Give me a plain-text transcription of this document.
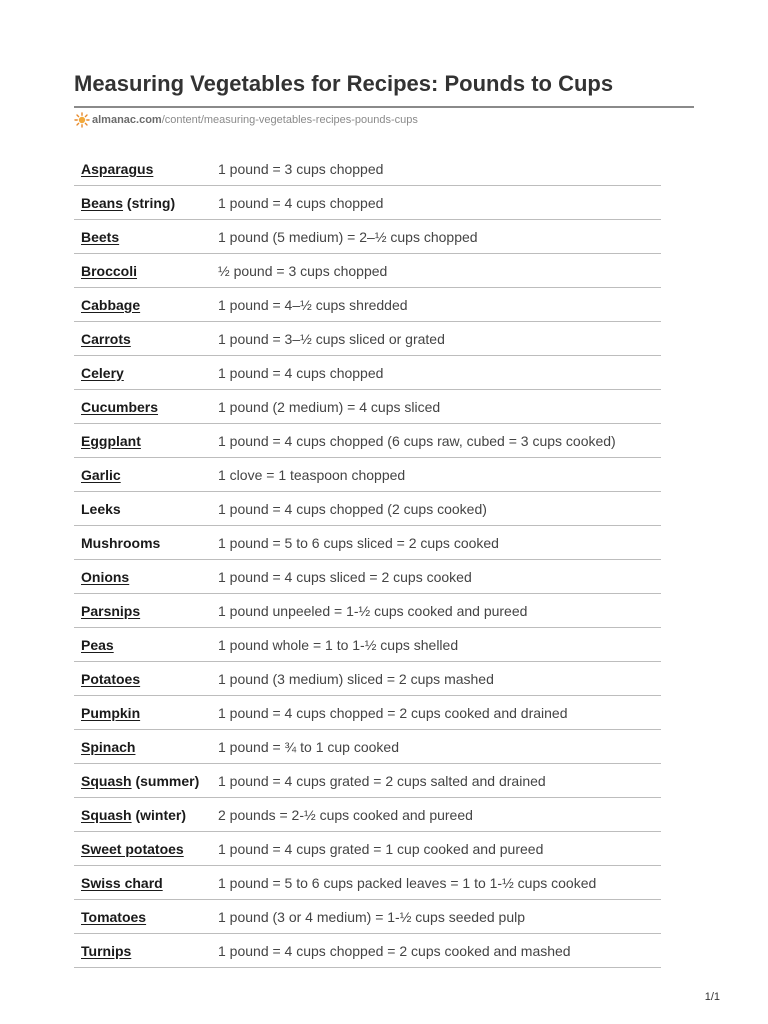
Measuring Vegetables for Recipes: Pounds to Cups
almanac.com /content/measuring-vegetables-recipes-pounds-cups
Asparagus	1 pound = 3 cups chopped
Beans (string)	1 pound = 4 cups chopped
Beets	1 pound (5 medium) = 2–½ cups chopped
Broccoli	½ pound = 3 cups chopped
Cabbage	1 pound = 4–½ cups shredded
Carrots	1 pound = 3–½ cups sliced or grated
Celery	1 pound = 4 cups chopped
Cucumbers	1 pound (2 medium) = 4 cups sliced
Eggplant	1 pound = 4 cups chopped (6 cups raw, cubed = 3 cups cooked)
Garlic	1 clove = 1 teaspoon chopped
Leeks	1 pound = 4 cups chopped (2 cups cooked)
Mushrooms	1 pound = 5 to 6 cups sliced = 2 cups cooked
Onions	1 pound = 4 cups sliced = 2 cups cooked
Parsnips	1 pound unpeeled = 1-½ cups cooked and pureed
Peas	1 pound whole = 1 to 1-½ cups shelled
Potatoes	1 pound (3 medium) sliced = 2 cups mashed
Pumpkin	1 pound = 4 cups chopped = 2 cups cooked and drained
Spinach	1 pound = ¾ to 1 cup cooked
Squash (summer)	1 pound = 4 cups grated = 2 cups salted and drained
Squash (winter)	2 pounds = 2-½ cups cooked and pureed
Sweet potatoes	1 pound = 4 cups grated = 1 cup cooked and pureed
Swiss chard	1 pound = 5 to 6 cups packed leaves = 1 to 1-½ cups cooked
Tomatoes	1 pound (3 or 4 medium) = 1-½ cups seeded pulp
Turnips	1 pound = 4 cups chopped = 2 cups cooked and mashed
1/1
